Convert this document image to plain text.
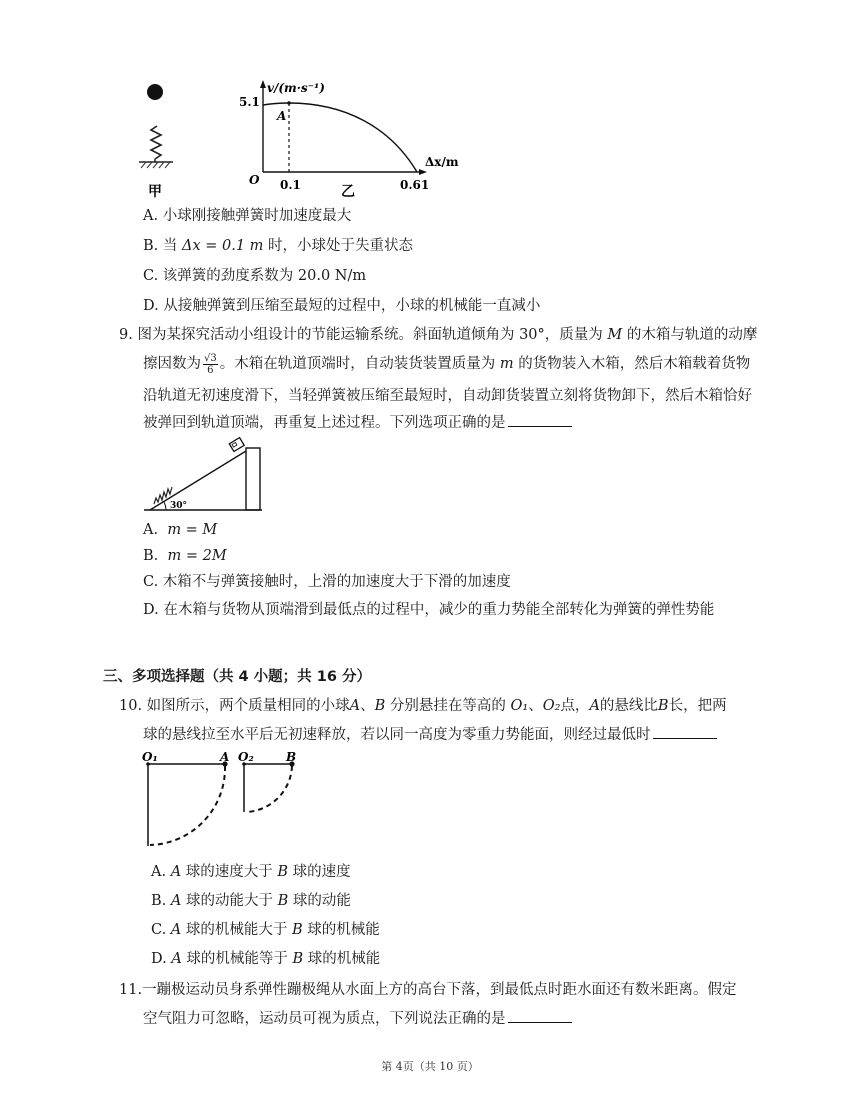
甲
v/(m·s⁻¹)
Δx/m
O
5.1
A
0.1	0.61
乙
A. 小球刚接触弹簧时加速度最大
B. 当 Δx = 0.1 m 时，小球处于失重状态
C. 该弹簧的劲度系数为 20.0 N/m
D. 从接触弹簧到压缩至最短的过程中，小球的机械能一直减小
9. 图为某探究活动小组设计的节能运输系统。斜面轨道倾角为 30°，质量为 M 的木箱与轨道的动摩
擦因数为 $\frac{√3}{6}$ 。木箱在轨道顶端时，自动装货装置质量为 m 的货物装入木箱，然后木箱载着货物
沿轨道无初速度滑下，当轻弹簧被压缩至最短时，自动卸货装置立刻将货物卸下，然后木箱恰好
被弹回到轨道顶端，再重复上述过程。下列选项正确的是
30°
A. m = M
B. m = 2M
C. 木箱不与弹簧接触时，上滑的加速度大于下滑的加速度
D. 在木箱与货物从顶端滑到最低点的过程中，减少的重力势能全部转化为弹簧的弹性势能
三、多项选择题（共 4 小题；共 16 分）
10. 如图所示，两个质量相同的小球A、B 分别悬挂在等高的 O₁、O₂点，A的悬线比B长，把两
球的悬线拉至水平后无初速释放，若以同一高度为零重力势能面，则经过最低时
O₁	A O₂	B
A. A 球的速度大于 B 球的速度
B. A 球的动能大于 B 球的动能
C. A 球的机械能大于 B 球的机械能
D. A 球的机械能等于 B 球的机械能
11.一蹦极运动员身系弹性蹦极绳从水面上方的高台下落，到最低点时距水面还有数米距离。假定
空气阻力可忽略，运动员可视为质点，下列说法正确的是
第 4页（共 10 页）
